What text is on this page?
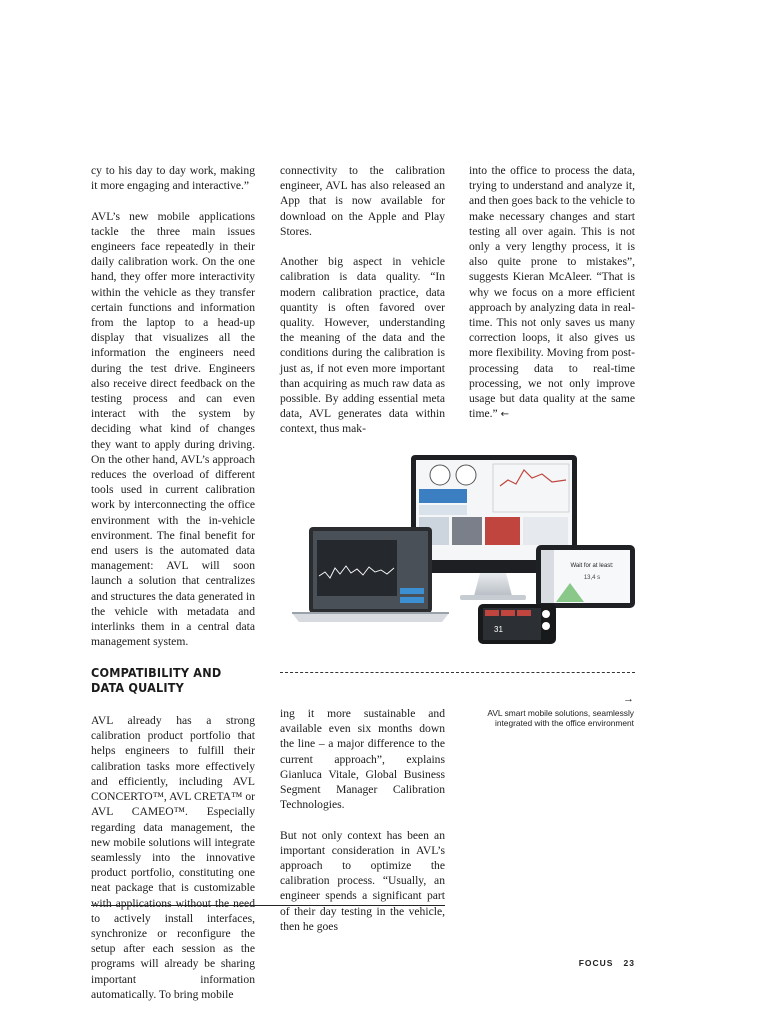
cy to his day to day work, making it more engaging and interactive.”

AVL’s new mobile applications tackle the three main issues engineers face repeatedly in their daily calibration work. On the one hand, they offer more interactivity within the vehicle as they transfer certain functions and information from the laptop to a head-up display that visualizes all the information the engineers need during the test drive. Engineers also receive direct feedback on the testing process and can even interact with the system by deciding what kind of changes they want to apply during driving. On the other hand, AVL’s approach reduces the overload of different tools used in current calibration work by interconnecting the office environment with the in-vehicle environment. The final benefit for end users is the automated data management: AVL will soon launch a solution that centralizes and structures the data generated in the vehicle with metadata and interlinks them in a central data management system.

COMPATIBILITY AND DATA QUALITY

AVL already has a strong calibration product portfolio that helps engineers to fulfill their calibration tasks more effectively and efficiently, including AVL CONCERTO™, AVL CRETA™ or AVL CAMEO™. Especially regarding data management, the new mobile solutions will integrate seamlessly into the innovative product portfolio, constituting one neat package that is customizable with applications without the need to actively install interfaces, synchronize or reconfigure the setup after each session as the programs will already be sharing important information automatically. To bring mobile

connectivity to the calibration engineer, AVL has also released an App that is now available for download on the Apple and Play Stores.

Another big aspect in vehicle calibration is data quality. “In modern calibration practice, data quantity is often favored over quality. However, understanding the meaning of the data and the conditions during the calibration is just as, if not even more important than acquiring as much raw data as possible. By adding essential meta data, AVL generates data within context, thus mak-

into the office to process the data, trying to understand and analyze it, and then goes back to the vehicle to make necessary changes and start testing all over again. This is not only a very lengthy process, it is also quite prone to mistakes”, suggests Kieran McAleer. “That is why we focus on a more efficient approach by analyzing data in real-time. This not only saves us many correction loops, it also gives us more flexibility. Moving from post-processing data to real-time processing, we not only improve usage but data quality at the same time.” ←

ing it more sustainable and available even six months down the line – a major difference to the current approach”, explains Gianluca Vitale, Global Business Segment Manager Calibration Technologies.

But not only context has been an important consideration in AVL’s approach to optimize the calibration process. “Usually, an engineer spends a significant part of their day testing in the vehicle, then he goes

Wait for at least:
13,4 s
31
→
AVL smart mobile solutions, seamlessly integrated with the office environment
FOCUS 23
